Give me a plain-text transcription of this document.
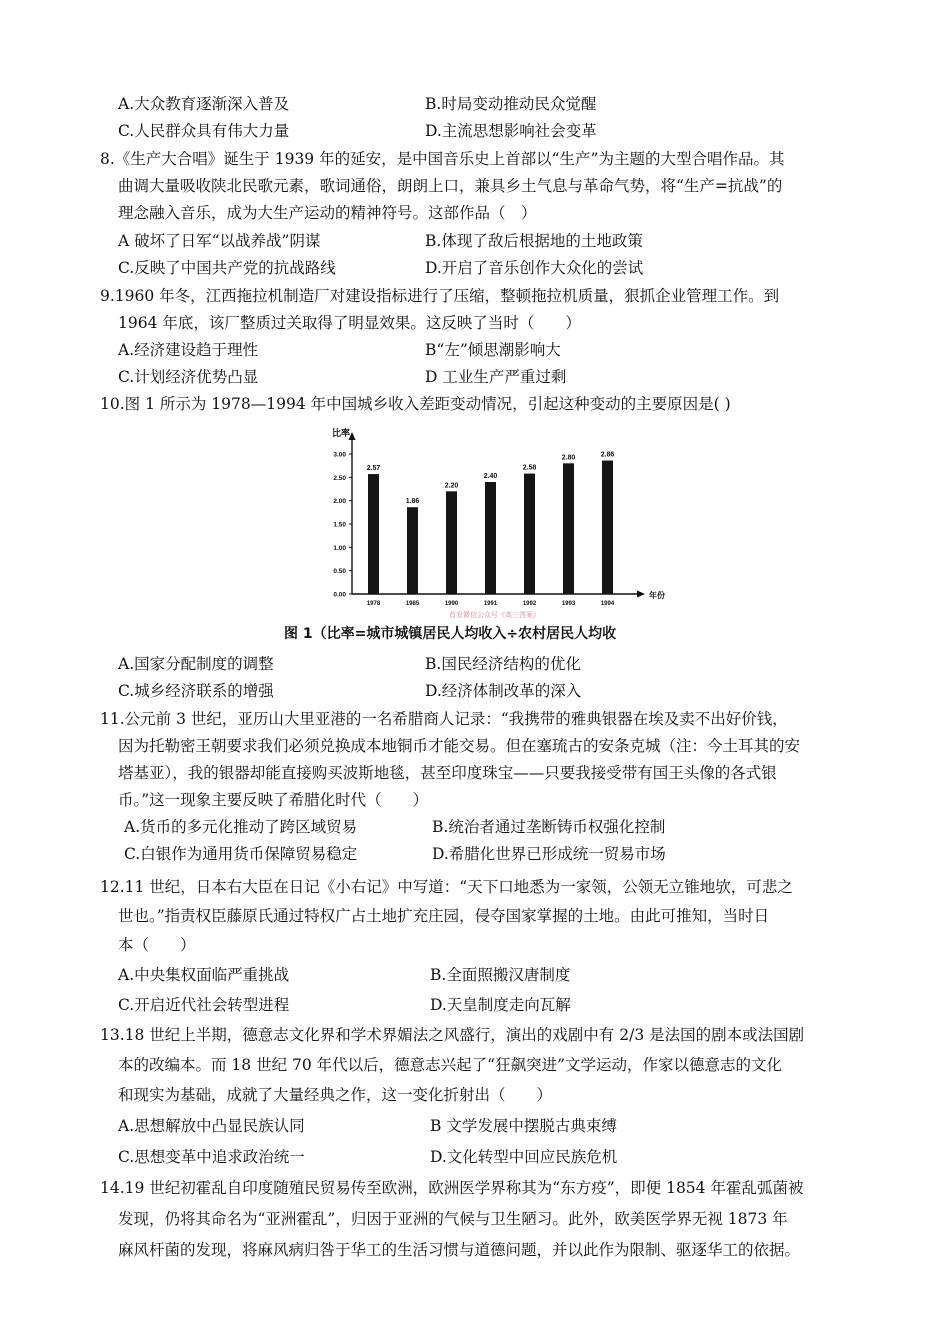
A.大众教育逐渐深入普及	B.时局变动推动民众觉醒
C.人民群众具有伟大力量	D.主流思想影响社会变革
8.《生产大合唱》诞生于 1939 年的延安，是中国音乐史上首部以“生产”为主题的大型合唱作品。其
曲调大量吸收陕北民歌元素，歌词通俗，朗朗上口，兼具乡土气息与革命气势，将“生产=抗战”的
理念融入音乐，成为大生产运动的精神符号。这部作品（　）
A 破坏了日军“以战养战”阴谋	B.体现了敌后根据地的土地政策
C.反映了中国共产党的抗战路线	D.开启了音乐创作大众化的尝试
9.1960 年冬，江西拖拉机制造厂对建设指标进行了压缩，整顿拖拉机质量，狠抓企业管理工作。到
1964 年底，该厂整质过关取得了明显效果。这反映了当时（　　）
A.经济建设趋于理性	B“左”倾思潮影响大
C.计划经济优势凸显	D 工业生产严重过剩
10.图 1 所示为 1978—1994 年中国城乡收入差距变动情况，引起这种变动的主要原因是( )
0.00
0.50
1.00
1.50
2.00
2.50
3.00
比率
年份
2.57
1978
1.86
1985
2.20
1990
2.40
1991
2.58
1992
2.80
1993
2.86
1994
首发微信公众号《高三答案》
图 1（比率=城市城镇居民人均收入÷农村居民人均收
A.国家分配制度的调整	B.国民经济结构的优化
C.城乡经济联系的增强	D.经济体制改革的深入
11.公元前 3 世纪，亚历山大里亚港的一名希腊商人记录：“我携带的雅典银器在埃及卖不出好价钱，
因为托勒密王朝要求我们必须兑换成本地铜币才能交易。但在塞琉古的安条克城（注：今土耳其的安
塔基亚），我的银器却能直接购买波斯地毯，甚至印度珠宝——只要我接受带有国王头像的各式银
币。”这一现象主要反映了希腊化时代（　　）
A.货币的多元化推动了跨区域贸易	B.统治者通过垄断铸币权强化控制
C.白银作为通用货币保障贸易稳定	D.希腊化世界已形成统一贸易市场
12.11 世纪，日本右大臣在日记《小右记》中写道：“天下口地悉为一家领，公领无立锥地欤，可悲之
世也。”指责权臣藤原氏通过特权广占土地扩充庄园，侵夺国家掌握的土地。由此可推知，当时日
本（　　）
A.中央集权面临严重挑战	B.全面照搬汉唐制度
C.开启近代社会转型进程	D.天皇制度走向瓦解
13.18 世纪上半期，德意志文化界和学术界媚法之风盛行，演出的戏剧中有 2/3 是法国的剧本或法国剧
本的改编本。而 18 世纪 70 年代以后，德意志兴起了“狂飙突进”文学运动，作家以德意志的文化
和现实为基础，成就了大量经典之作，这一变化折射出（　　）
A.思想解放中凸显民族认同	B 文学发展中摆脱古典束缚
C.思想变革中追求政治统一	D.文化转型中回应民族危机
14.19 世纪初霍乱自印度随殖民贸易传至欧洲，欧洲医学界称其为“东方疫”，即便 1854 年霍乱弧菌被
发现，仍将其命名为“亚洲霍乱”，归因于亚洲的气候与卫生陋习。此外，欧美医学界无视 1873 年
麻风杆菌的发现，将麻风病归咎于华工的生活习惯与道德问题，并以此作为限制、驱逐华工的依据。
